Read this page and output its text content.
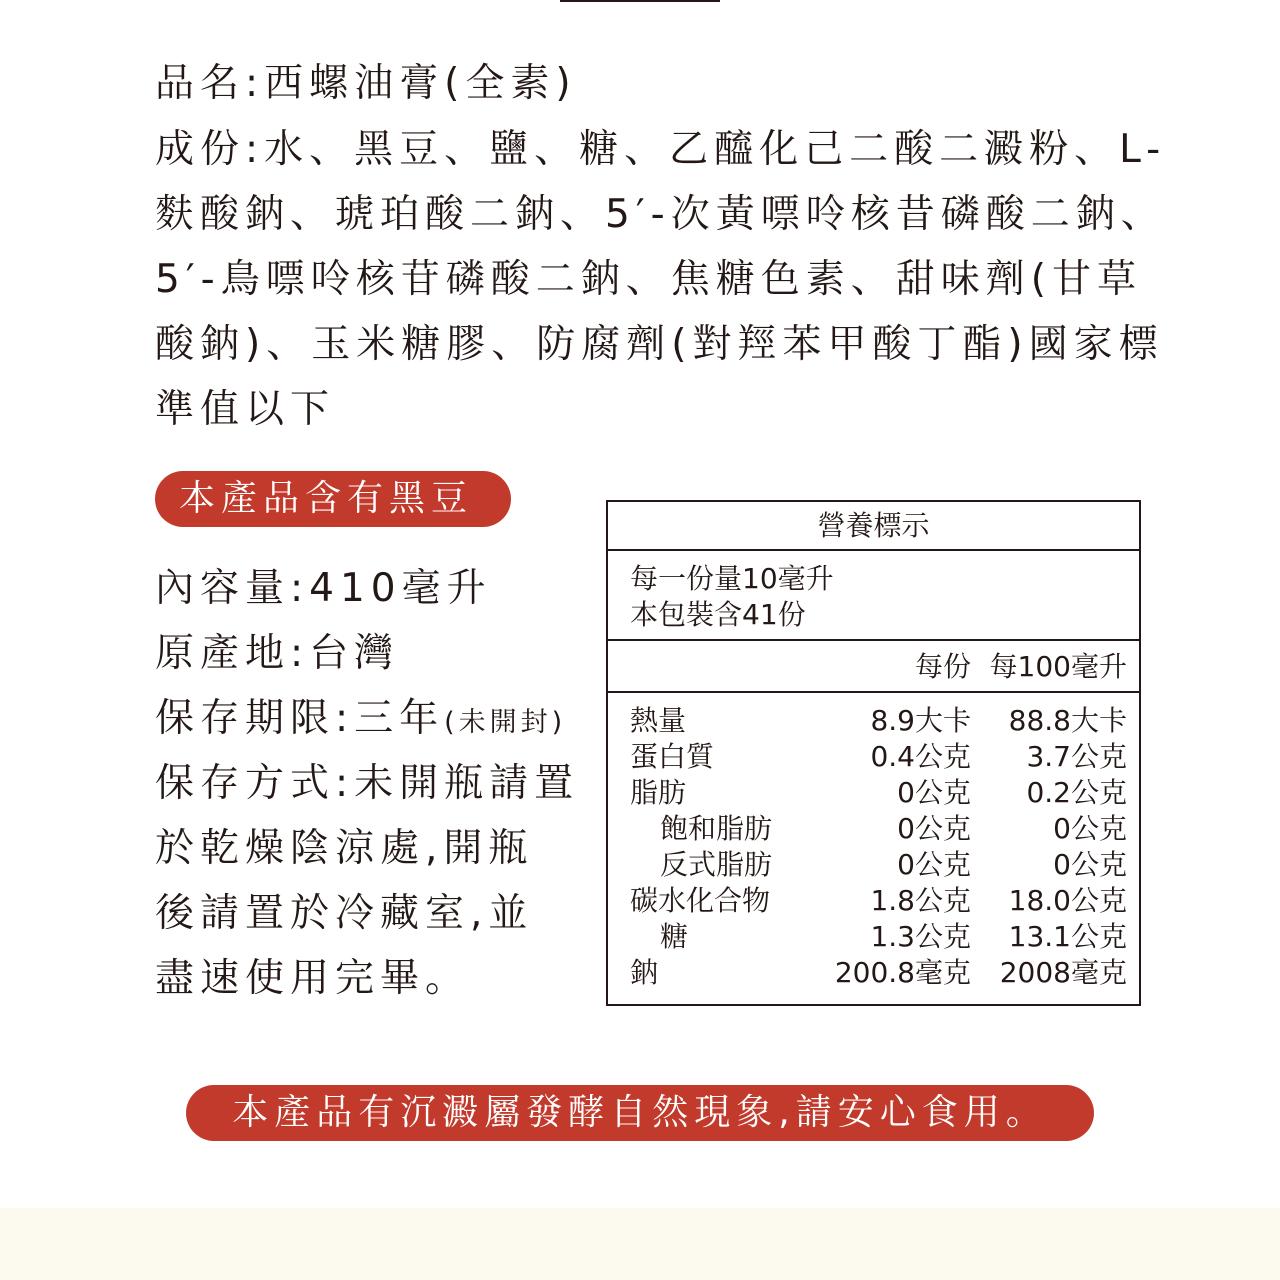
品名:西螺油膏(全素)
成份:水、黑豆、鹽、糖、乙醯化己二酸二澱粉、L-
麩酸鈉、琥珀酸二鈉、5′-次黃嘌呤核昔磷酸二鈉、
5′-鳥嘌呤核苷磷酸二鈉、焦糖色素、甜味劑(甘草
酸鈉)、玉米糖膠、防腐劑(對羥苯甲酸丁酯)國家標
準值以下
本產品含有黑豆
內容量:410毫升
原產地:台灣
保存期限:三年(未開封)
保存方式:未開瓶請置
於乾燥陰涼處,開瓶
後請置於冷藏室,並
盡速使用完畢。
營養標示
每一份量10毫升
本包裝含41份
每份 每100毫升
熱量	8.9大卡 88.8大卡
蛋白質	0.4公克 3.7公克
脂肪	0公克 0.2公克
飽和脂肪	0公克	0公克
反式脂肪	0公克	0公克
碳水化合物	1.8公克 18.0公克
糖	1.3公克 13.1公克
鈉	200.8毫克 2008毫克
本產品有沉澱屬發酵自然現象,請安心食用。
